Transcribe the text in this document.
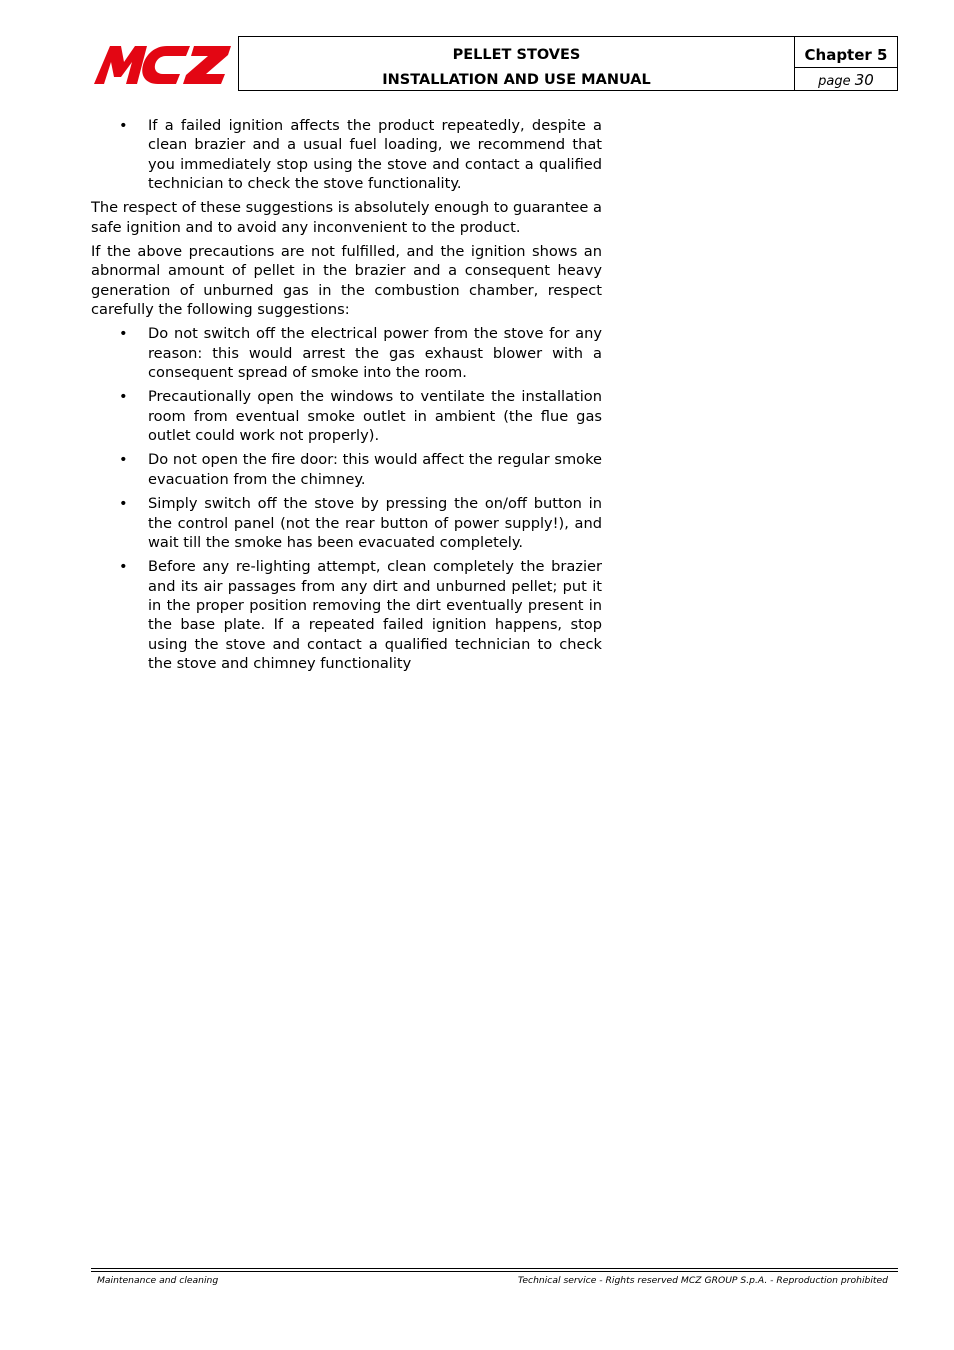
PELLET STOVES
INSTALLATION AND USE MANUAL
Chapter 5
page 30
• If a failed ignition affects the product repeatedly, despite a clean brazier and a usual fuel loading, we recommend that you immediately stop using the stove and contact a qualified technician to check the stove functionality.

The respect of these suggestions is absolutely enough to guarantee a safe ignition and to avoid any inconvenient to the product.

If the above precautions are not fulfilled, and the ignition shows an abnormal amount of pellet in the brazier and a consequent heavy generation of unburned gas in the combustion chamber, respect carefully the following suggestions:

• Do not switch off the electrical power from the stove for any reason: this would arrest the gas exhaust blower with a consequent spread of smoke into the room.
• Precautionally open the windows to ventilate the installation room from eventual smoke outlet in ambient (the flue gas outlet could work not properly).
• Do not open the fire door: this would affect the regular smoke evacuation from the chimney.
• Simply switch off the stove by pressing the on/off button in the control panel (not the rear button of power supply!), and wait till the smoke has been evacuated completely.
• Before any re-lighting attempt, clean completely the brazier and its air passages from any dirt and unburned pellet; put it in the proper position removing the dirt eventually present in the base plate. If a repeated failed ignition happens, stop using the stove and contact a qualified technician to check the stove and chimney functionality
Maintenance and cleaning	Technical service - Rights reserved MCZ GROUP S.p.A. - Reproduction prohibited
